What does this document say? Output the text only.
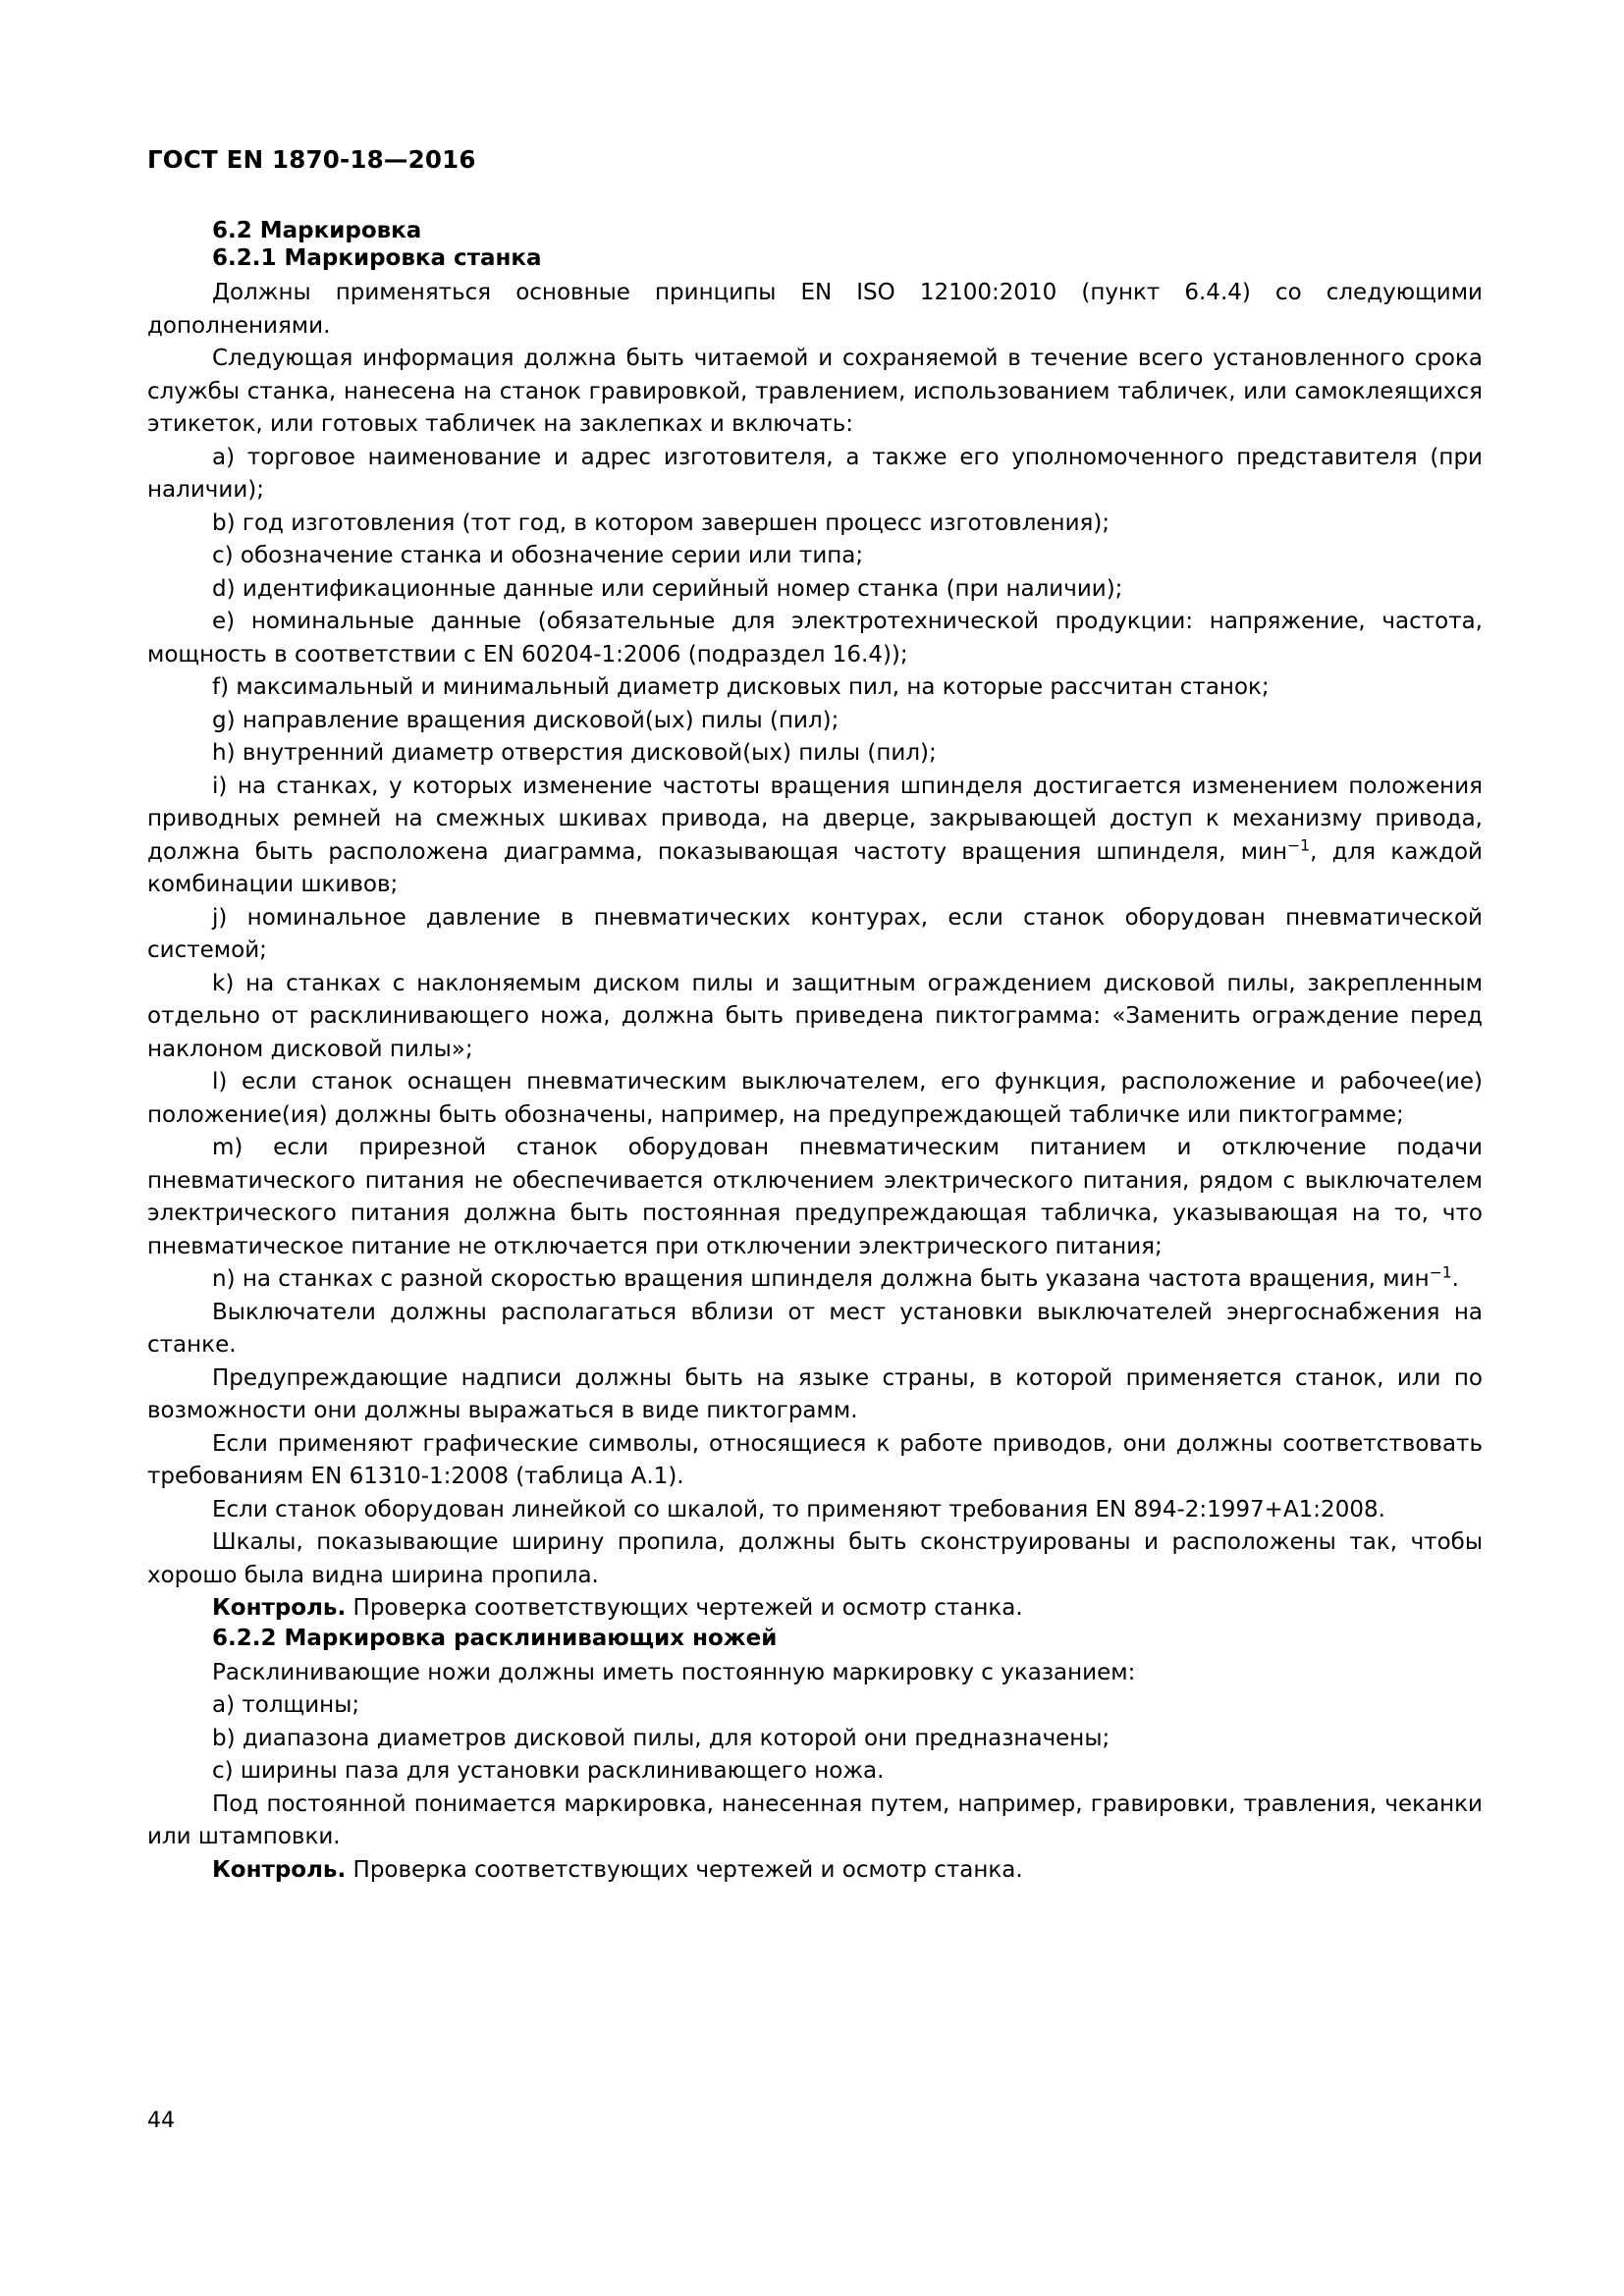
ГОСТ EN 1870-18—2016
6.2 Маркировка
6.2.1 Маркировка станка

Должны применяться основные принципы EN ISO 12100:2010 (пункт 6.4.4) со следующими дополнениями.

Следующая информация должна быть читаемой и сохраняемой в течение всего установленного срока службы станка, нанесена на станок гравировкой, травлением, использованием табличек, или самоклеящихся этикеток, или готовых табличек на заклепках и включать:

a) торговое наименование и адрес изготовителя, а также его уполномоченного представителя (при наличии);

b) год изготовления (тот год, в котором завершен процесс изготовления);

c) обозначение станка и обозначение серии или типа;

d) идентификационные данные или серийный номер станка (при наличии);

e) номинальные данные (обязательные для электротехнической продукции: напряжение, частота, мощность в соответствии с EN 60204-1:2006 (подраздел 16.4));

f) максимальный и минимальный диаметр дисковых пил, на которые рассчитан станок;

g) направление вращения дисковой(ых) пилы (пил);

h) внутренний диаметр отверстия дисковой(ых) пилы (пил);

i) на станках, у которых изменение частоты вращения шпинделя достигается изменением положения приводных ремней на смежных шкивах привода, на дверце, закрывающей доступ к механизму привода, должна быть расположена диаграмма, показывающая частоту вращения шпинделя, мин$^{-1}$, для каждой комбинации шкивов;

j) номинальное давление в пневматических контурах, если станок оборудован пневматической системой;

k) на станках с наклоняемым диском пилы и защитным ограждением дисковой пилы, закрепленным отдельно от расклинивающего ножа, должна быть приведена пиктограмма: «Заменить ограждение перед наклоном дисковой пилы»;

l) если станок оснащен пневматическим выключателем, его функция, расположение и рабочее(ие) положение(ия) должны быть обозначены, например, на предупреждающей табличке или пиктограмме;

m) если прирезной станок оборудован пневматическим питанием и отключение подачи пневматического питания не обеспечивается отключением электрического питания, рядом с выключателем электрического питания должна быть постоянная предупреждающая табличка, указывающая на то, что пневматическое питание не отключается при отключении электрического питания;

n) на станках с разной скоростью вращения шпинделя должна быть указана частота вращения, мин$^{-1}$.

Выключатели должны располагаться вблизи от мест установки выключателей энергоснабжения на станке.

Предупреждающие надписи должны быть на языке страны, в которой применяется станок, или по возможности они должны выражаться в виде пиктограмм.

Если применяют графические символы, относящиеся к работе приводов, они должны соответствовать требованиям EN 61310-1:2008 (таблица А.1).

Если станок оборудован линейкой со шкалой, то применяют требования EN 894-2:1997+A1:2008.

Шкалы, показывающие ширину пропила, должны быть сконструированы и расположены так, чтобы хорошо была видна ширина пропила.

Контроль. Проверка соответствующих чертежей и осмотр станка.

6.2.2 Маркировка расклинивающих ножей

Расклинивающие ножи должны иметь постоянную маркировку с указанием:

a) толщины;

b) диапазона диаметров дисковой пилы, для которой они предназначены;

c) ширины паза для установки расклинивающего ножа.

Под постоянной понимается маркировка, нанесенная путем, например, гравировки, травления, чеканки или штамповки.

Контроль. Проверка соответствующих чертежей и осмотр станка.

44
